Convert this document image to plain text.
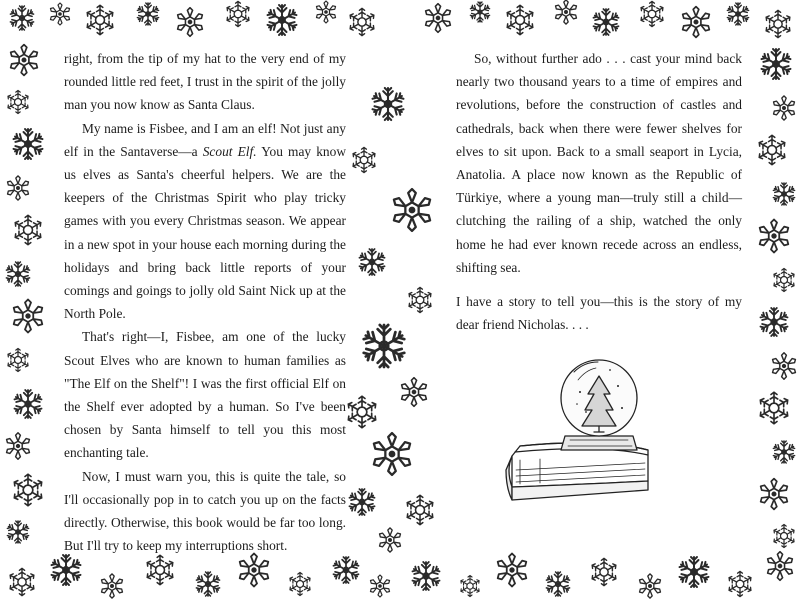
right, from the tip of my hat to the very end of my rounded little red feet, I trust in the spirit of the jolly man you now know as Santa Claus.

My name is Fisbee, and I am an elf! Not just any elf in the Santaverse—a Scout Elf. You may know us elves as Santa's cheerful helpers. We are the keepers of the Christmas Spirit who play tricky games with you every Christmas season. We appear in a new spot in your house each morning during the holidays and bring back little reports of your comings and goings to jolly old Saint Nick up at the North Pole.

That's right—I, Fisbee, am one of the lucky Scout Elves who are known to human families as "The Elf on the Shelf"! I was the first official Elf on the Shelf ever adopted by a human. So I've been chosen by Santa himself to tell you this most enchanting tale.

Now, I must warn you, this is quite the tale, so I'll occasionally pop in to catch you up on the facts directly. Otherwise, this book would be far too long. But I'll try to keep my interruptions short.

So, without further ado . . . cast your mind back nearly two thousand years to a time of empires and revolutions, before the construction of castles and cathedrals, back when there were fewer shelves for elves to sit upon. Back to a small seaport in Lycia, Anatolia. A place now known as the Republic of Türkiye, where a young man—truly still a child—clutching the railing of a ship, watched the only home he had ever known recede across an endless, shifting sea.

I have a story to tell you—this is the story of my dear friend Nicholas. . . .
